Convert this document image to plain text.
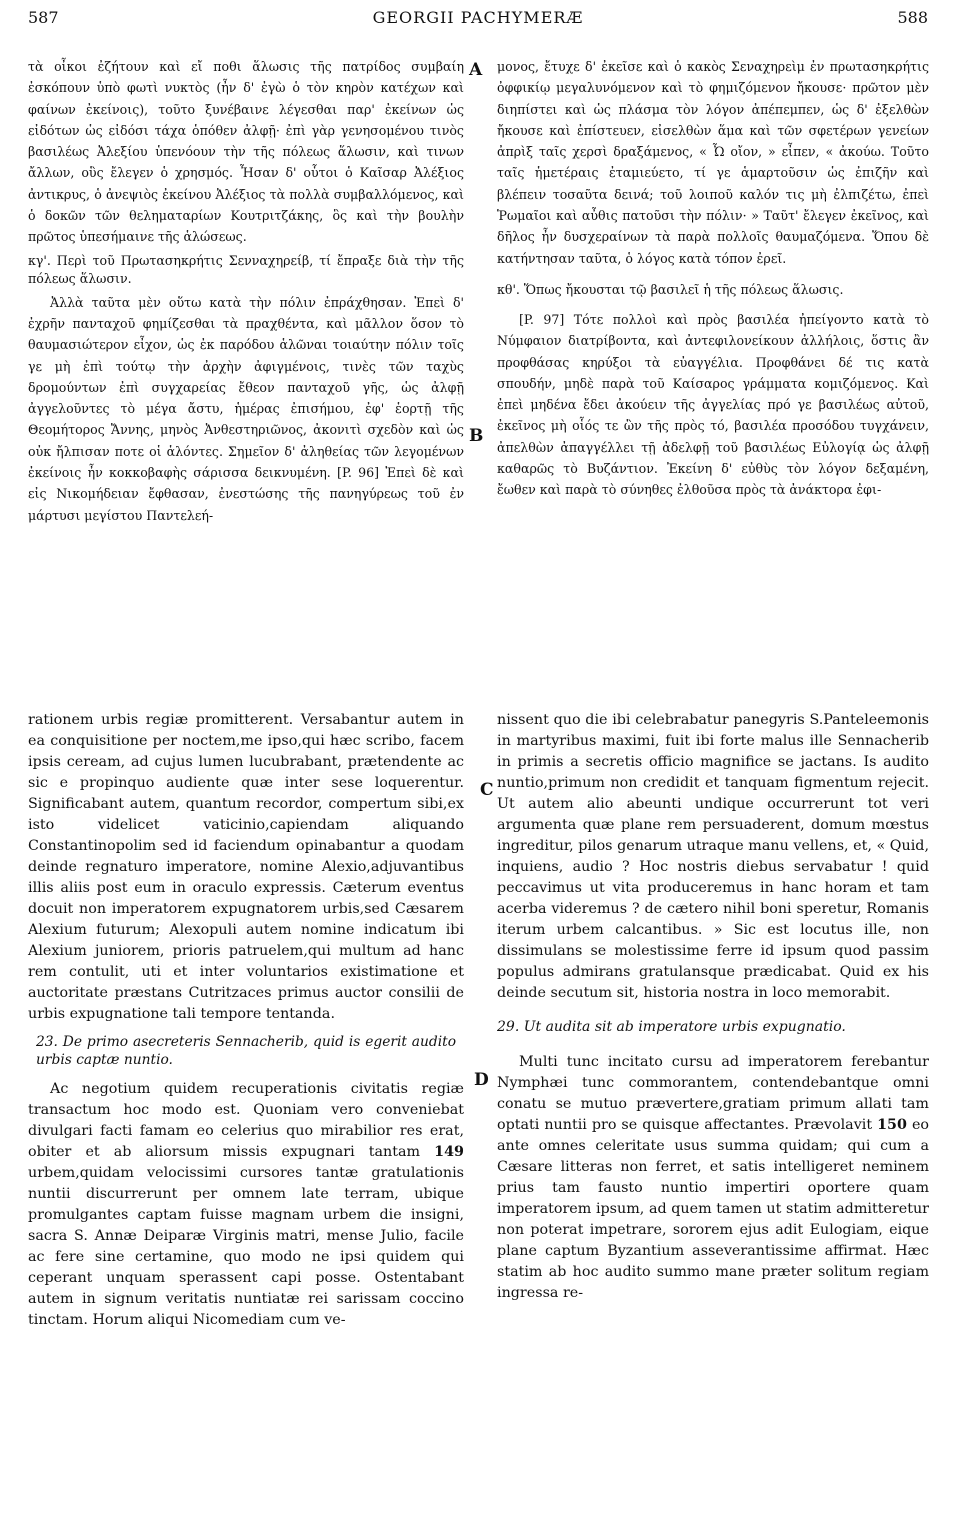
587	GEORGII PACHYMERÆ	588
A
B
C
D

τὰ οἶκοι ἐζήτουν καὶ εἴ ποθι ἅλωσις τῆς πατρίδος συμβαίη ἐσκόπουν ὑπὸ φωτὶ νυκτὸς (ἦν δ' ἐγὼ ὁ τὸν κηρὸν κατέχων καὶ φαίνων ἐκείνοις), τοῦτο ξυνέβαινε λέγεσθαι παρ' ἐκείνων ὡς εἰδότων ὡς εἰδόσι τάχα ὁπόθεν ἀλφῇ· ἐπὶ γὰρ γενησομένου τινὸς βασιλέως Ἀλεξίου ὑπενόουν τὴν τῆς πόλεως ἅλωσιν, καὶ τινων ἄλλων, οὓς ἔλεγεν ὁ χρησμός. Ἦσαν δ' οὗτοι ὁ Καῖσαρ Ἀλέξιος ἀντικρυς, ὁ ἀνεψιὸς ἐκείνου Ἀλέξιος τὰ πολλὰ συμβαλλόμενος, καὶ ὁ δοκῶν τῶν θεληματαρίων Κουτριτζάκης, ὃς καὶ τὴν βουλὴν πρῶτος ὑπεσήμαινε τῆς ἁλώσεως.

κγ'. Περὶ τοῦ Πρωτασηκρήτις Σενναχηρείβ, τί ἔπραξε διὰ τὴν τῆς πόλεως ἅλωσιν.

Ἀλλὰ ταῦτα μὲν οὕτω κατὰ τὴν πόλιν ἐπράχθησαν. Ἐπεὶ δ' ἐχρῆν πανταχοῦ φημίζεσθαι τὰ πραχθέντα, καὶ μᾶλλον ὅσον τὸ θαυμασιώτερον εἶχον, ὡς ἐκ παρόδου ἁλῶναι τοιαύτην πόλιν τοῖς γε μὴ ἐπὶ τούτῳ τὴν ἀρχὴν ἀφιγμένοις, τινὲς τῶν ταχὺς δρομούντων ἐπὶ συγχαρείας ἔθεον πανταχοῦ γῆς, ὡς ἀλφῇ ἀγγελοῦντες τὸ μέγα ἄστυ, ἡμέρας ἐπισήμου, ἐφ' ἑορτῇ τῆς Θεομήτορος Ἄννης, μηνὸς Ἀνθεστηριῶνος, ἀκονιτὶ σχεδὸν καὶ ὡς οὐκ ἤλπισαν ποτε οἱ ἁλόντες. Σημεῖον δ' ἀληθείας τῶν λεγομένων ἐκείνοις ἦν κοκκοβαφὴς σάρισσα δεικνυμένη. [P. 96] Ἐπεὶ δὲ καὶ εἰς Νικομήδειαν ἔφθασαν, ἐνεστώσης τῆς πανηγύρεως τοῦ ἐν μάρτυσι μεγίστου Παντελεή-

μονος, ἔτυχε δ' ἐκεῖσε καὶ ὁ κακὸς Σεναχηρεὶμ ἐν πρωτασηκρήτις ὀφφικίῳ μεγαλυνόμενον καὶ τὸ φημιζόμενον ἤκουσε· πρῶτον μὲν διηπίστει καὶ ὡς πλάσμα τὸν λόγον ἀπέπεμπεν, ὡς δ' ἐξελθὼν ἤκουσε καὶ ἐπίστευεν, εἰσελθὼν ἅμα καὶ τῶν σφετέρων γενείων ἀπρὶξ ταῖς χερσὶ δραξάμενος, « Ὦ οἴον, » εἶπεν, « ἀκούω. Τοῦτο ταῖς ἡμετέραις ἐταμιεύετο, τί γε ἁμαρτοῦσιν ὡς ἐπιζῆν καὶ βλέπειν τοσαῦτα δεινά; τοῦ λοιποῦ καλόν τις μὴ ἐλπιζέτω, ἐπεὶ Ῥωμαῖοι καὶ αὖθις πατοῦσι τὴν πόλιν· » Ταῦτ' ἔλεγεν ἐκεῖνος, καὶ δῆλος ἦν δυσχεραίνων τὰ παρὰ πολλοῖς θαυμαζόμενα. Ὅπου δὲ κατήντησαν ταῦτα, ὁ λόγος κατὰ τόπον ἐρεῖ.

κθ'. Ὅπως ἤκουσται τῷ βασιλεῖ ἡ τῆς πόλεως ἅλωσις.

[P. 97] Τότε πολλοὶ καὶ πρὸς βασιλέα ἠπείγοντο κατὰ τὸ Νύμφαιον διατρίβοντα, καὶ ἀντεφιλονείκουν ἀλλήλοις, ὅστις ἂν προφθάσας κηρύξοι τὰ εὐαγγέλια. Προφθάνει δέ τις κατὰ σπουδήν, μηδὲ παρὰ τοῦ Καίσαρος γράμματα κομιζόμενος. Καὶ ἐπεὶ μηδένα ἔδει ἀκούειν τῆς ἀγγελίας πρό γε βασιλέως αὐτοῦ, ἐκεῖνος μὴ οἷός τε ὢν τῆς πρὸς τό, βασιλέα προσόδου τυγχάνειν, ἀπελθὼν ἀπαγγέλλει τῇ ἀδελφῇ τοῦ βασιλέως Εὐλογίᾳ ὡς ἀλφῇ καθαρῶς τὸ Βυζάντιον. Ἐκείνη δ' εὐθὺς τὸν λόγον δεξαμένη, ἔωθεν καὶ παρὰ τὸ σύνηθες ἐλθοῦσα πρὸς τὰ ἀνάκτορα ἐφι-

rationem urbis regiæ promitterent. Versabantur autem in ea conquisitione per noctem,me ipso,qui hæc scribo, facem ipsis ceream, ad cujus lumen lucubrabant, prætendente ac sic e propinquo audiente quæ inter sese loquerentur. Significabant autem, quantum recordor, compertum sibi,ex isto videlicet vaticinio,capiendam aliquando Constantinopolim sed id faciendum opinabantur a quodam deinde regnaturo imperatore, nomine Alexio,adjuvantibus illis aliis post eum in oraculo expressis. Cæterum eventus docuit non imperatorem expugnatorem urbis,sed Cæsarem Alexium futurum; Alexopuli autem nomine indicatum ibi Alexium juniorem, prioris patruelem,qui multum ad hanc rem contulit, uti et inter voluntarios existimatione et auctoritate præstans Cutritzaces primus auctor consilii de urbis expugnatione tali tempore tentanda.

23. De primo asecreteris Sennacherib, quid is egerit audito urbis captæ nuntio.

Ac negotium quidem recuperationis civitatis regiæ transactum hoc modo est. Quoniam vero conveniebat divulgari facti famam eo celerius quo mirabilior res erat, obiter et ab aliorsum missis expugnari tantam 149 urbem,quidam velocissimi cursores tantæ gratulationis nuntii discurrerunt per omnem late terram, ubique promulgantes captam fuisse magnam urbem die insigni, sacra S. Annæ Deiparæ Virginis matri, mense Julio, facile ac fere sine certamine, quo modo ne ipsi quidem qui ceperant unquam sperassent capi posse. Ostentabant autem in signum veritatis nuntiatæ rei sarissam coccino tinctam. Horum aliqui Nicomediam cum ve-

nissent quo die ibi celebrabatur panegyris S.Panteleemonis in martyribus maximi, fuit ibi forte malus ille Sennacherib in primis a secretis officio magnifice se jactans. Is audito nuntio,primum non credidit et tanquam figmentum rejecit. Ut autem alio abeunti undique occurrerunt tot veri argumenta quæ plane rem persuaderent, domum mœstus ingreditur, pilos genarum utraque manu vellens, et, « Quid, inquiens, audio ? Hoc nostris diebus servabatur ! quid peccavimus ut vita produceremus in hanc horam et tam acerba videremus ? de cætero nihil boni speretur, Romanis iterum urbem calcantibus. » Sic est locutus ille, non dissimulans se molestissime ferre id ipsum quod passim populus admirans gratulansque prædicabat. Quid ex his deinde secutum sit, historia nostra in loco memorabit.

29. Ut audita sit ab imperatore urbis expugnatio.

Multi tunc incitato cursu ad imperatorem ferebantur Nymphæi tunc commorantem, contendebantque omni conatu se mutuo prævertere,gratiam primum allati tam optati nuntii pro se quisque affectantes. Prævolavit 150 eo ante omnes celeritate usus summa quidam; qui cum a Cæsare litteras non ferret, et satis intelligeret neminem prius tam fausto nuntio impertiri oportere quam imperatorem ipsum, ad quem tamen ut statim admitteretur non poterat impetrare, sororem ejus adit Eulogiam, eique plane captum Byzantium asseverantissime affirmat. Hæc statim ab hoc audito summo mane præter solitum regiam ingressa re-
